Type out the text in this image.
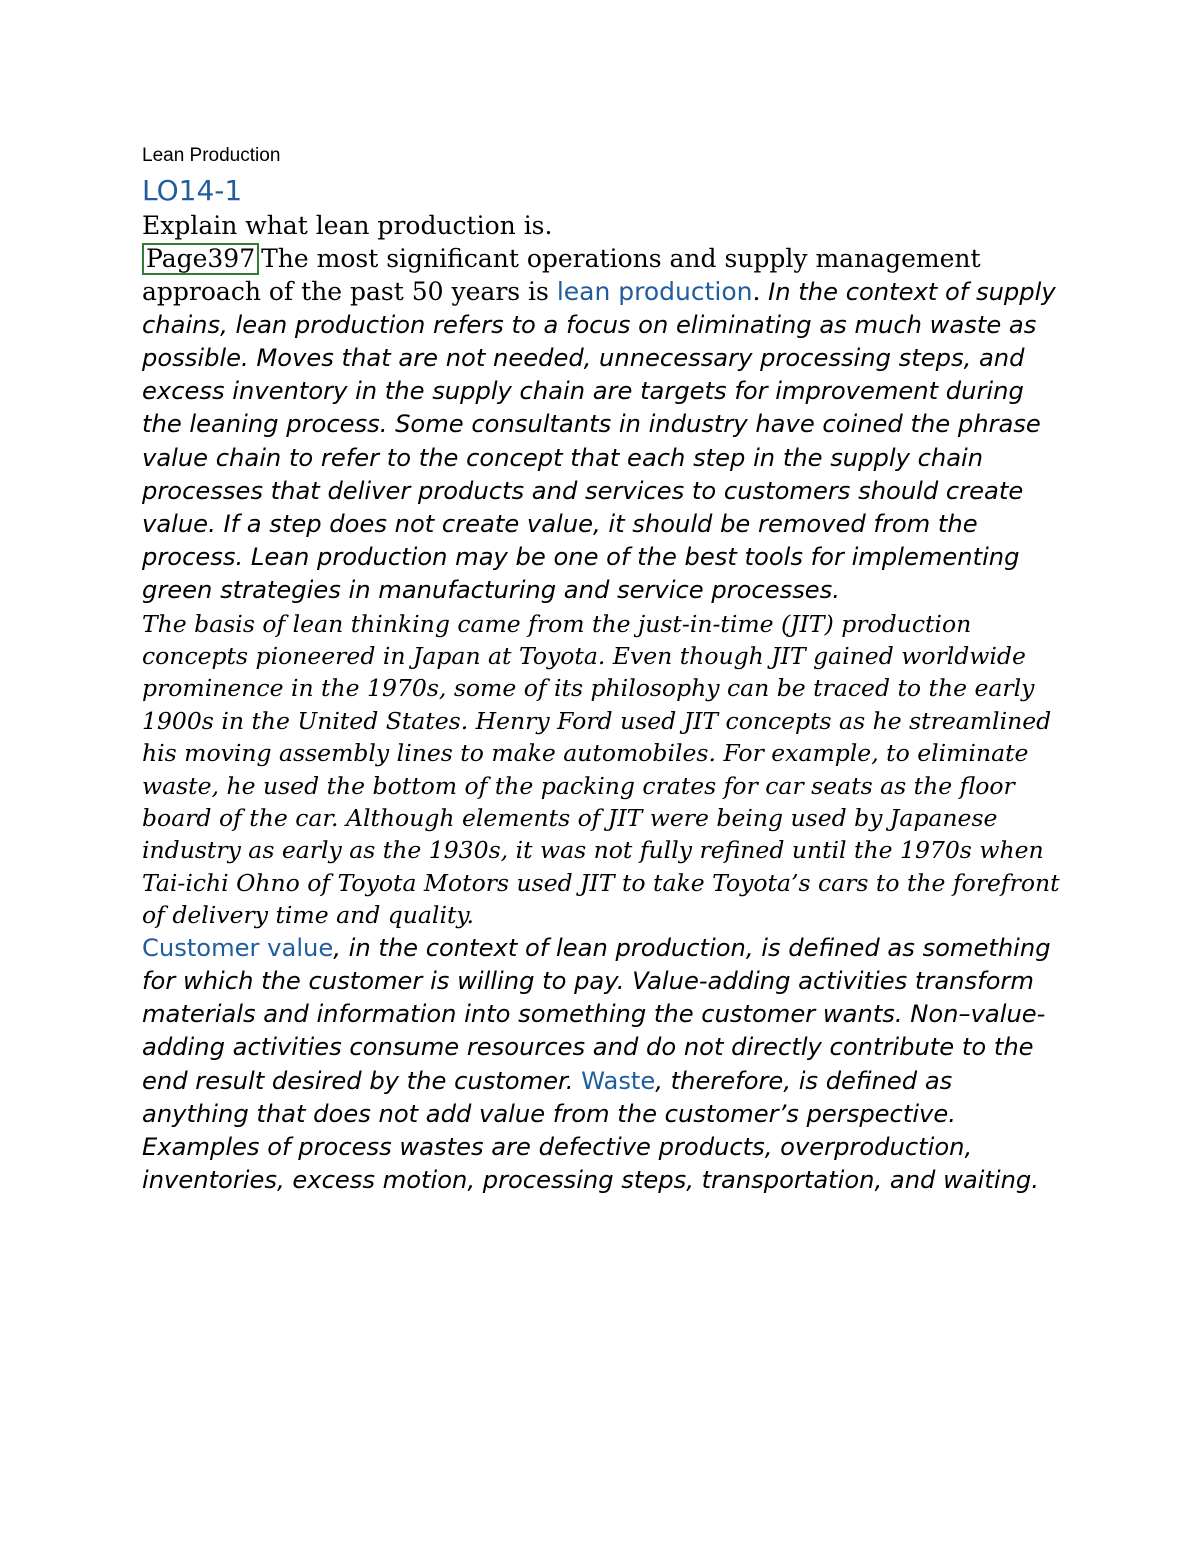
Lean Production

LO14-1

Explain what lean production is.

Page397 The most significant operations and supply management approach of the past 50 years is lean production. In the context of supply chains, lean production refers to a focus on eliminating as much waste as possible. Moves that are not needed, unnecessary processing steps, and excess inventory in the supply chain are targets for improvement during the leaning process. Some consultants in industry have coined the phrase value chain to refer to the concept that each step in the supply chain processes that deliver products and services to customers should create value. If a step does not create value, it should be removed from the process. Lean production may be one of the best tools for implementing green strategies in manufacturing and service processes.

The basis of lean thinking came from the just-in-time (JIT) production concepts pioneered in Japan at Toyota. Even though JIT gained worldwide prominence in the 1970s, some of its philosophy can be traced to the early 1900s in the United States. Henry Ford used JIT concepts as he streamlined his moving assembly lines to make automobiles. For example, to eliminate waste, he used the bottom of the packing crates for car seats as the floor board of the car. Although elements of JIT were being used by Japanese industry as early as the 1930s, it was not fully refined until the 1970s when Tai-ichi Ohno of Toyota Motors used JIT to take Toyota’s cars to the forefront of delivery time and quality.

Customer value, in the context of lean production, is defined as something for which the customer is willing to pay. Value-adding activities transform materials and information into something the customer wants. Non–value-adding activities consume resources and do not directly contribute to the end result desired by the customer. Waste, therefore, is defined as anything that does not add value from the customer’s perspective. Examples of process wastes are defective products, overproduction, inventories, excess motion, processing steps, transportation, and waiting.
